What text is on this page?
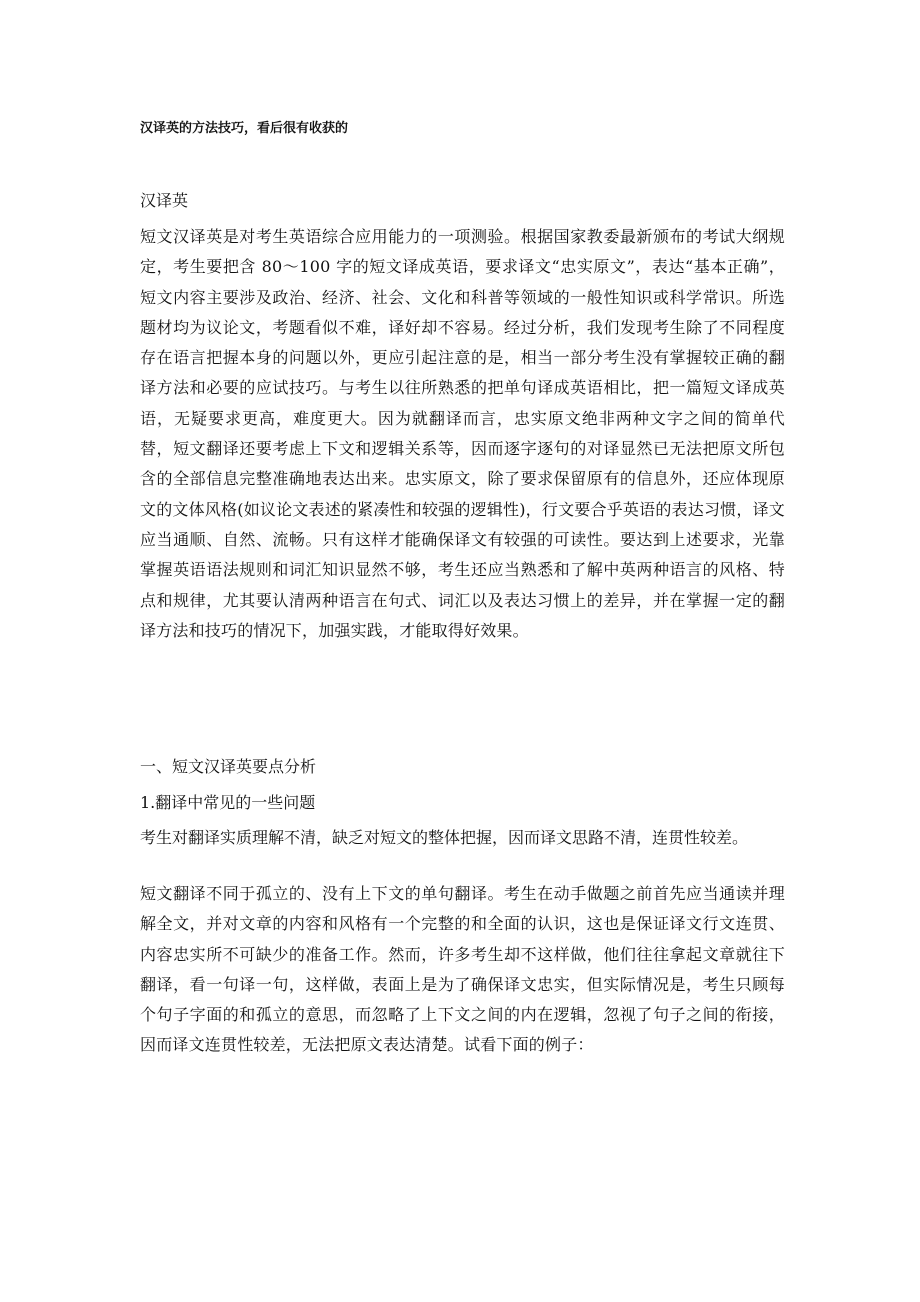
汉译英的方法技巧，看后很有收获的
汉译英
短文汉译英是对考生英语综合应用能力的一项测验。根据国家教委最新颁布的考试大纲规定，考生要把含 80～100 字的短文译成英语，要求译文“忠实原文”，表达“基本正确”，短文内容主要涉及政治、经济、社会、文化和科普等领域的一般性知识或科学常识。所选题材均为议论文，考题看似不难，译好却不容易。经过分析，我们发现考生除了不同程度存在语言把握本身的问题以外，更应引起注意的是，相当一部分考生没有掌握较正确的翻译方法和必要的应试技巧。与考生以往所熟悉的把单句译成英语相比，把一篇短文译成英语，无疑要求更高，难度更大。因为就翻译而言，忠实原文绝非两种文字之间的简单代替，短文翻译还要考虑上下文和逻辑关系等，因而逐字逐句的对译显然已无法把原文所包含的全部信息完整准确地表达出来。忠实原文，除了要求保留原有的信息外，还应体现原文的文体风格(如议论文表述的紧凑性和较强的逻辑性)，行文要合乎英语的表达习惯，译文应当通顺、自然、流畅。只有这样才能确保译文有较强的可读性。要达到上述要求，光靠掌握英语语法规则和词汇知识显然不够，考生还应当熟悉和了解中英两种语言的风格、特点和规律，尤其要认清两种语言在句式、词汇以及表达习惯上的差异，并在掌握一定的翻译方法和技巧的情况下，加强实践，才能取得好效果。
一、短文汉译英要点分析
1.翻译中常见的一些问题
考生对翻译实质理解不清，缺乏对短文的整体把握，因而译文思路不清，连贯性较差。
短文翻译不同于孤立的、没有上下文的单句翻译。考生在动手做题之前首先应当通读并理解全文，并对文章的内容和风格有一个完整的和全面的认识，这也是保证译文行文连贯、内容忠实所不可缺少的准备工作。然而，许多考生却不这样做，他们往往拿起文章就往下翻译，看一句译一句，这样做，表面上是为了确保译文忠实，但实际情况是，考生只顾每个句子字面的和孤立的意思，而忽略了上下文之间的内在逻辑，忽视了句子之间的衔接，因而译文连贯性较差，无法把原文表达清楚。试看下面的例子：
